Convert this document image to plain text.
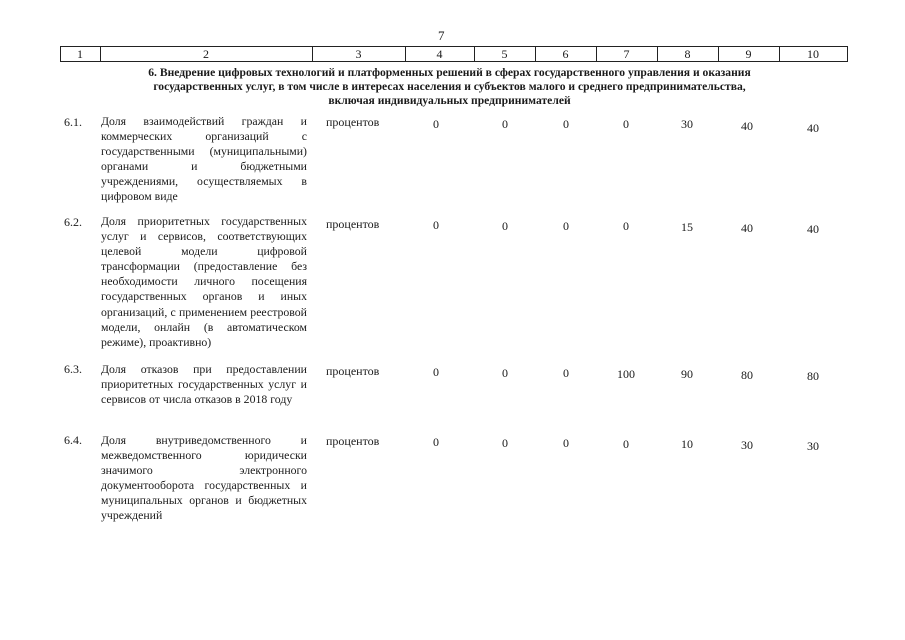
7
1	2	3	4	5	6	7	8	9	10
6. Внедрение цифровых технологий и платформенных решений в сферах государственного управления и оказания
государственных услуг, в том числе в интересах населения и субъектов малого и среднего предпринимательства,
включая индивидуальных предпринимателей
6.1. Доля взаимодействий граждан и коммерческих организаций с государственными (муниципальными) органами и бюджетными учреждениями, осуществляемых в цифровом виде
процентов	0	0	0	0	30	40	40
6.2. Доля приоритетных государственных услуг и сервисов, соответствующих целевой модели цифровой трансформации (предоставление без необходимости личного посещения государственных органов и иных организаций, с применением реестровой модели, онлайн (в автоматическом режиме), проактивно)
процентов	0	0	0	0	15	40	40
6.3. Доля отказов при предоставлении приоритетных государственных услуг и сервисов от числа отказов в 2018 году
процентов	0	0	0	100	90	80	80
6.4. Доля внутриведомственного и межведомственного юридически значимого электронного документооборота государственных и муниципальных органов и бюджетных учреждений
процентов	0	0	0	0	10	30	30
